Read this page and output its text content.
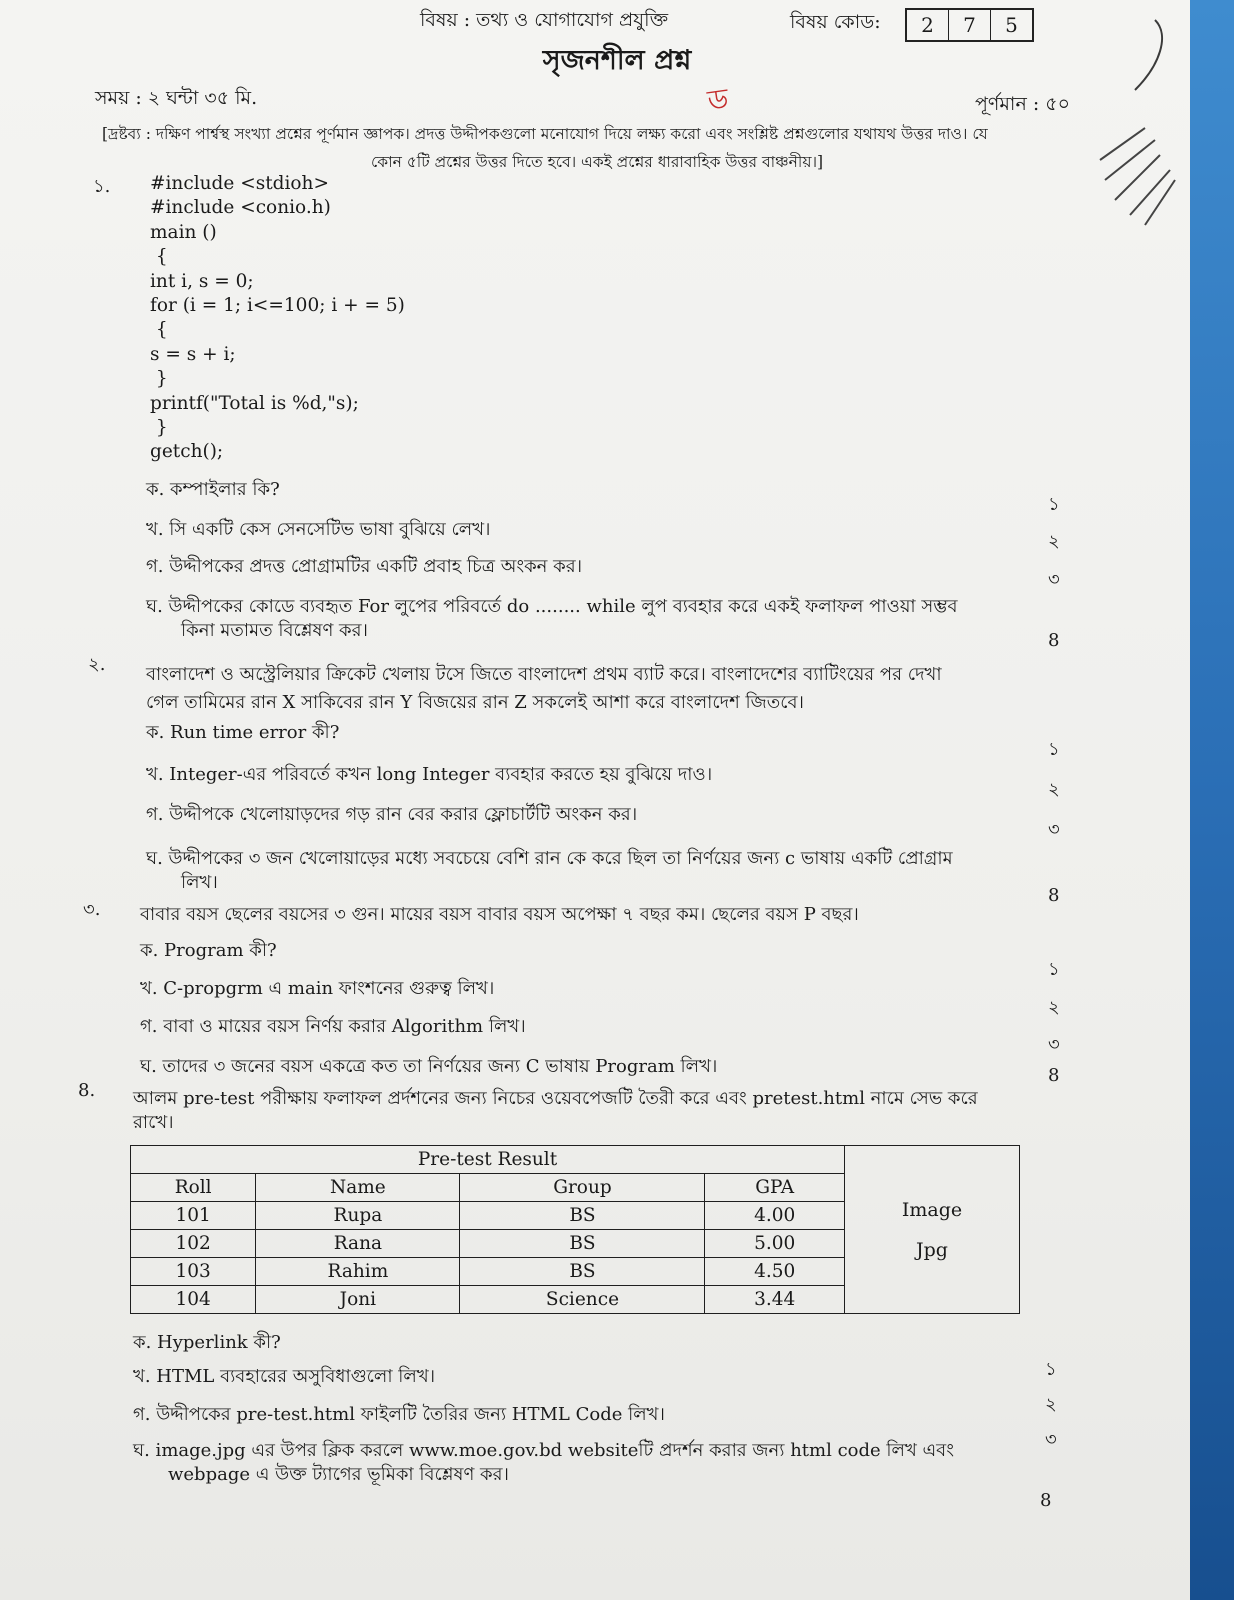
বিষয় : তথ্য ও যোগাযোগ প্রযুক্তি	বিষয় কোড:	2	7	5
সৃজনশীল প্রশ্ন
ড
সময় : ২ ঘন্টা ৩৫ মি.	পূর্ণমান : ৫০
[দ্রষ্টব্য : দক্ষিণ পার্শ্বস্থ সংখ্যা প্রশ্নের পূর্ণমান জ্ঞাপক। প্রদত্ত উদ্দীপকগুলো মনোযোগ দিয়ে লক্ষ্য করো এবং সংশ্লিষ্ট প্রশ্নগুলোর যথাযথ উত্তর দাও। যে
কোন ৫টি প্রশ্নের উত্তর দিতে হবে। একই প্রশ্নের ধারাবাহিক উত্তর বাঞ্চনীয়।]
১. #include <stdioh>
#include <conio.h)
main ()
{
int i, s = 0;
for (i = 1; i<=100; i + = 5)
{
s = s + i;
}
printf("Total is %d,"s);
}
getch();
ক. কম্পাইলার কি?
খ. সি একটি কেস সেনসেটিভ ভাষা বুঝিয়ে লেখ।
গ. উদ্দীপকের প্রদত্ত প্রোগ্রামটির একটি প্রবাহ চিত্র অংকন কর।
ঘ. উদ্দীপকের কোডে ব্যবহৃত For লুপের পরিবর্তে do ........ while লুপ ব্যবহার করে একই ফলাফল পাওয়া সম্ভব
কিনা মতামত বিশ্লেষণ কর।
১
২
৩
8
২. বাংলাদেশ ও অস্ট্রেলিয়ার ক্রিকেট খেলায় টসে জিতে বাংলাদেশ প্রথম ব্যাট করে। বাংলাদেশের ব্যাটিংয়ের পর দেখা
গেল তামিমের রান X সাকিবের রান Y বিজয়ের রান Z সকলেই আশা করে বাংলাদেশ জিতবে।
ক. Run time error কী?
খ. Integer-এর পরিবর্তে কখন long Integer ব্যবহার করতে হয় বুঝিয়ে দাও।
গ. উদ্দীপকে খেলোয়াড়দের গড় রান বের করার ফ্লোচার্টটি অংকন কর।
ঘ. উদ্দীপকের ৩ জন খেলোয়াড়ের মধ্যে সবচেয়ে বেশি রান কে করে ছিল তা নির্ণয়ের জন্য c ভাষায় একটি প্রোগ্রাম
লিখ।
১
২
৩
8
৩. বাবার বয়স ছেলের বয়সের ৩ গুন। মায়ের বয়স বাবার বয়স অপেক্ষা ৭ বছর কম। ছেলের বয়স P বছর।
ক. Program কী?
খ. C-propgrm এ main ফাংশনের গুরুত্ব লিখ।
গ. বাবা ও মায়ের বয়স নির্ণয় করার Algorithm লিখ।
ঘ. তাদের ৩ জনের বয়স একত্রে কত তা নির্ণয়ের জন্য C ভাষায় Program লিখ।
১
২
৩
8
8. আলম pre-test পরীক্ষায় ফলাফল প্রর্দশনের জন্য নিচের ওয়েবপেজটি তৈরী করে এবং pretest.html নামে সেভ করে
রাখে।
Pre-test Result				Image
Jpg
Roll	Name	Group	GPA	
101	Rupa	BS	4.00	
102	Rana	BS	5.00	
103	Rahim	BS	4.50	
104	Joni	Science	3.44	
ক. Hyperlink কী?
খ. HTML ব্যবহারের অসুবিধাগুলো লিখ।
গ. উদ্দীপকের pre-test.html ফাইলটি তৈরির জন্য HTML Code লিখ।
ঘ. image.jpg এর উপর ক্লিক করলে www.moe.gov.bd websiteটি প্রদর্শন করার জন্য html code লিখ এবং
webpage এ উক্ত ট্যাগের ভূমিকা বিশ্লেষণ কর।
১
২
৩
8
